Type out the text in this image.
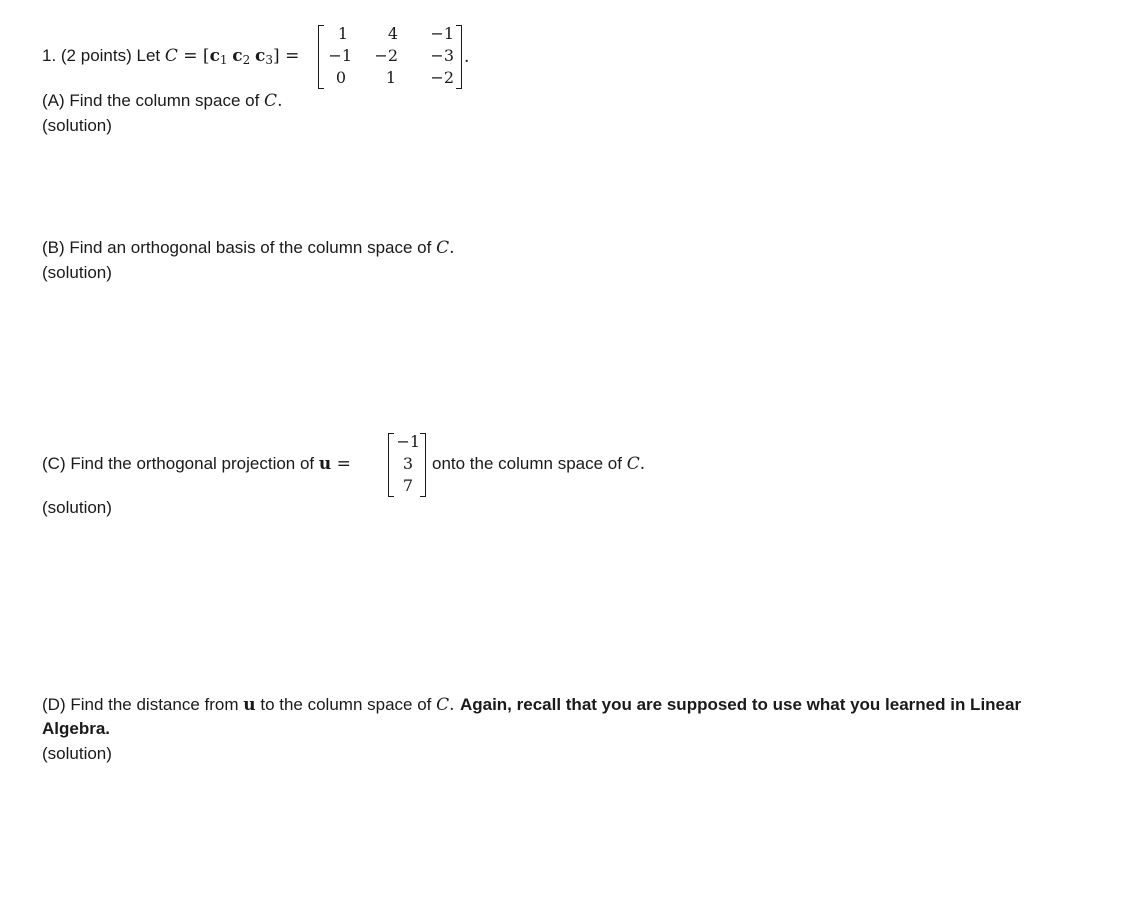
1. (2 points) Let $C = [c_1$ $c_2$ $c_3$] =
1	4	−1
−1	−2	−3
0	1	−2
.
(A) Find the column space of C.
(solution)
(B) Find an orthogonal basis of the column space of C.
(solution)
(C) Find the orthogonal projection of u =
−1
3
7
onto the column space of C.
(solution)
(D) Find the distance from u to the column space of C. Again, recall that you are supposed to use what you learned in Linear
Algebra.
(solution)
